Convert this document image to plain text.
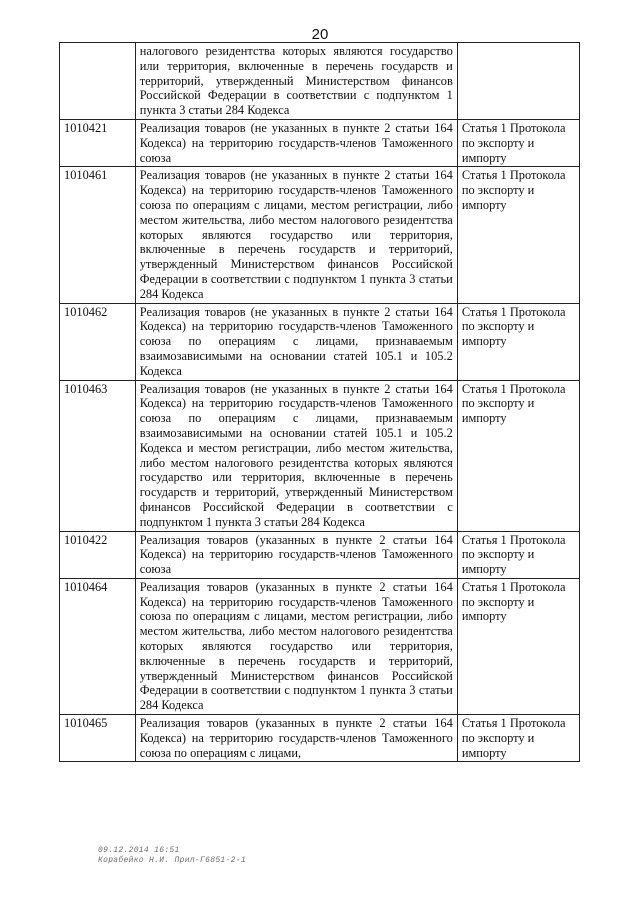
20
	налогового резидентства которых являются государство или территория, включенные в перечень государств и территорий, утвержденный Министерством финансов Российской Федерации в соответствии с подпунктом 1 пункта 3 статьи 284 Кодекса	
1010421	Реализация товаров (не указанных в пункте 2 статьи 164 Кодекса) на территорию государств-членов Таможенного союза	Статья 1 Протокола по экспорту и импорту
1010461	Реализация товаров (не указанных в пункте 2 статьи 164 Кодекса) на территорию государств-членов Таможенного союза по операциям с лицами, местом регистрации, либо местом жительства, либо местом налогового резидентства которых являются государство или территория, включенные в перечень государств и территорий, утвержденный Министерством финансов Российской Федерации в соответствии с подпунктом 1 пункта 3 статьи 284 Кодекса	Статья 1 Протокола по экспорту и импорту
1010462	Реализация товаров (не указанных в пункте 2 статьи 164 Кодекса) на территорию государств-членов Таможенного союза по операциям с лицами, признаваемым взаимозависимыми на основании статей 105.1 и 105.2 Кодекса	Статья 1 Протокола по экспорту и импорту
1010463	Реализация товаров (не указанных в пункте 2 статьи 164 Кодекса) на территорию государств-членов Таможенного союза по операциям с лицами, признаваемым взаимозависимыми на основании статей 105.1 и 105.2 Кодекса и местом регистрации, либо местом жительства, либо местом налогового резидентства которых являются государство или территория, включенные в перечень государств и территорий, утвержденный Министерством финансов Российской Федерации в соответствии с подпунктом 1 пункта 3 статьи 284 Кодекса	Статья 1 Протокола по экспорту и импорту
1010422	Реализация товаров (указанных в пункте 2 статьи 164 Кодекса) на территорию государств-членов Таможенного союза	Статья 1 Протокола по экспорту и импорту
1010464	Реализация товаров (указанных в пункте 2 статьи 164 Кодекса) на территорию государств-членов Таможенного союза по операциям с лицами, местом регистрации, либо местом жительства, либо местом налогового резидентства которых являются государство или территория, включенные в перечень государств и территорий, утвержденный Министерством финансов Российской Федерации в соответствии с подпунктом 1 пункта 3 статьи 284 Кодекса	Статья 1 Протокола по экспорту и импорту
1010465	Реализация товаров (указанных в пункте 2 статьи 164 Кодекса) на территорию государств-членов Таможенного союза по операциям с лицами,	Статья 1 Протокола по экспорту и импорту
09.12.2014 16:51
Корабейко Н.И. Прил-Г6851-2-1
